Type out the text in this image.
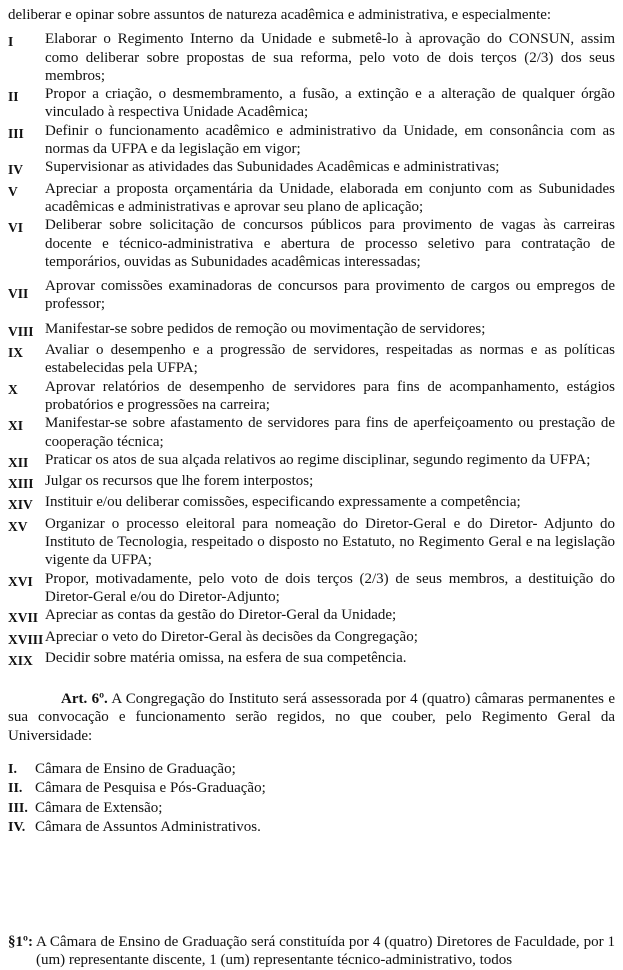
deliberar e opinar sobre assuntos de natureza acadêmica e administrativa, e especialmente:

I	Elaborar o Regimento Interno da Unidade e submetê-lo à aprovação do CONSUN, assim como deliberar sobre propostas de sua reforma, pelo voto de dois terços (2/3) dos seus membros;
II	Propor a criação, o desmembramento, a fusão, a extinção e a alteração de qualquer órgão vinculado à respectiva Unidade Acadêmica;
III	Definir o funcionamento acadêmico e administrativo da Unidade, em consonância com as normas da UFPA e da legislação em vigor;
IV	Supervisionar as atividades das Subunidades Acadêmicas e administrativas;
V	Apreciar a proposta orçamentária da Unidade, elaborada em conjunto com as Subunidades acadêmicas e administrativas e aprovar seu plano de aplicação;
VI	Deliberar sobre solicitação de concursos públicos para provimento de vagas às carreiras docente e técnico-administrativa e abertura de processo seletivo para contratação de temporários, ouvidas as Subunidades acadêmicas interessadas;
VII	Aprovar comissões examinadoras de concursos para provimento de cargos ou empregos de professor;
VIII Manifestar-se sobre pedidos de remoção ou movimentação de servidores;
IX	Avaliar o desempenho e a progressão de servidores, respeitadas as normas e as políticas estabelecidas pela UFPA;
X	Aprovar relatórios de desempenho de servidores para fins de acompanhamento, estágios probatórios e progressões na carreira;
XI	Manifestar-se sobre afastamento de servidores para fins de aperfeiçoamento ou prestação de cooperação técnica;
XII	Praticar os atos de sua alçada relativos ao regime disciplinar, segundo regimento da UFPA;
XIII Julgar os recursos que lhe forem interpostos;
XIV Instituir e/ou deliberar comissões, especificando expressamente a competência;
XV	Organizar o processo eleitoral para nomeação do Diretor-Geral e do Diretor- Adjunto do Instituto de Tecnologia, respeitado o disposto no Estatuto, no Regimento Geral e na legislação vigente da UFPA;
XVI Propor, motivadamente, pelo voto de dois terços (2/3) de seus membros, a destituição do Diretor-Geral e/ou do Diretor-Adjunto;
XVII Apreciar as contas da gestão do Diretor-Geral da Unidade;
XVIII Apreciar o veto do Diretor-Geral às decisões da Congregação;
XIX Decidir sobre matéria omissa, na esfera de sua competência.

Art. 6º. A Congregação do Instituto será assessorada por 4 (quatro) câmaras permanentes e sua convocação e funcionamento serão regidos, no que couber, pelo Regimento Geral da Universidade:

I.	Câmara de Ensino de Graduação;
II. Câmara de Pesquisa e Pós-Graduação;
III. Câmara de Extensão;
IV. Câmara de Assuntos Administrativos.
§1º: A Câmara de Ensino de Graduação será constituída por 4 (quatro) Diretores de Faculdade, por 1 (um) representante discente, 1 (um) representante técnico-administrativo, todos
